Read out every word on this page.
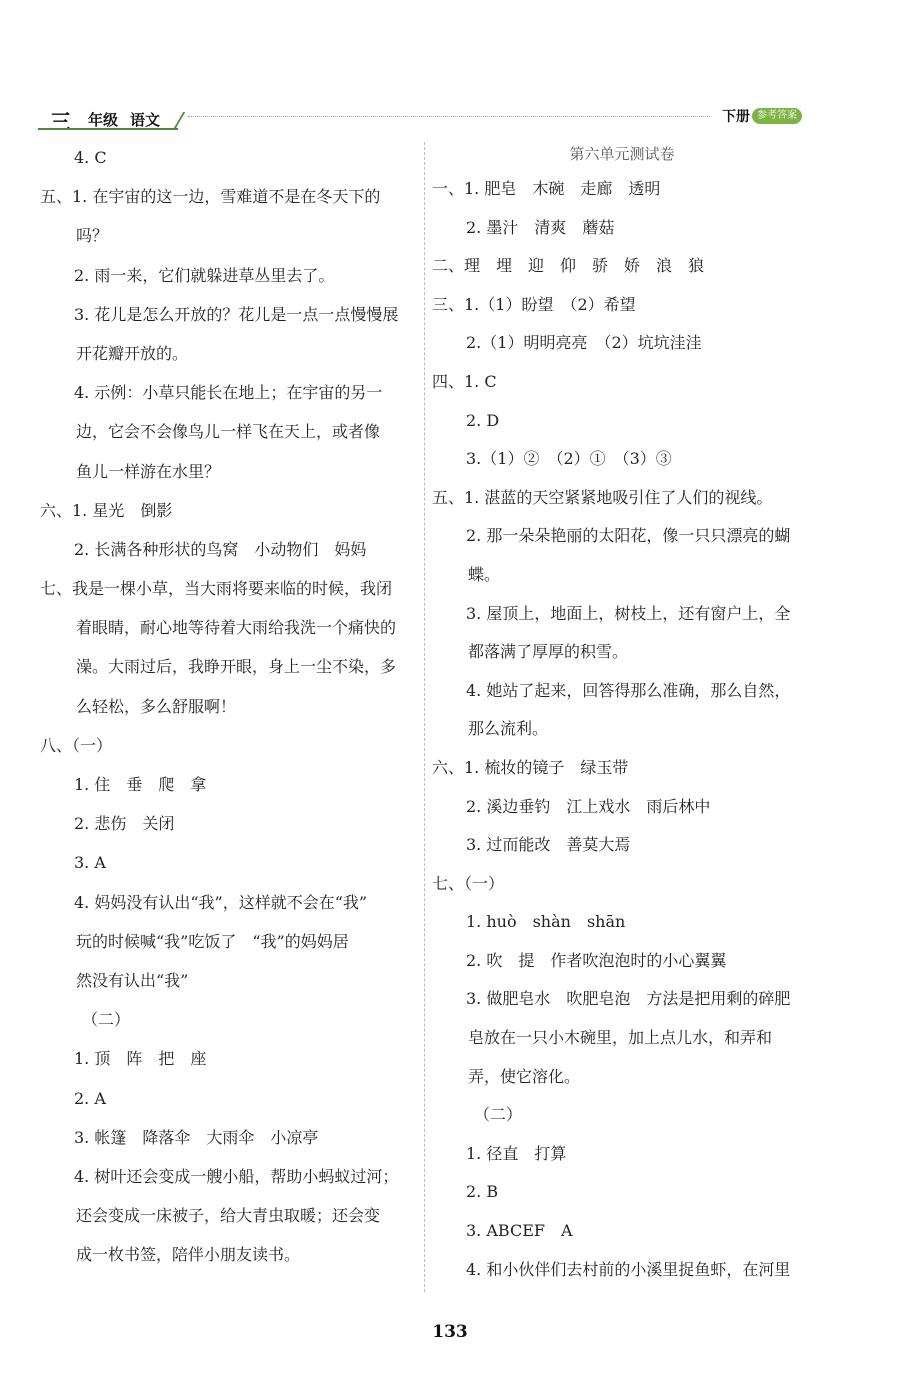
三 年级 语文	下册 参考答案
4. C
五、1. 在宇宙的这一边，雪难道不是在冬天下的
吗？
2. 雨一来，它们就躲进草丛里去了。
3. 花儿是怎么开放的？花儿是一点一点慢慢展
开花瓣开放的。
4. 示例：小草只能长在地上；在宇宙的另一
边，它会不会像鸟儿一样飞在天上，或者像
鱼儿一样游在水里？
六、1. 星光　倒影
2. 长满各种形状的鸟窝　小动物们　妈妈
七、我是一棵小草，当大雨将要来临的时候，我闭
着眼睛，耐心地等待着大雨给我洗一个痛快的
澡。大雨过后，我睁开眼，身上一尘不染，多
么轻松，多么舒服啊！
八、（一）
1. 住　垂　爬　拿
2. 悲伤　关闭
3. A
4. 妈妈没有认出“我”，这样就不会在“我”
玩的时候喊“我”吃饭了　“我”的妈妈居
然没有认出“我”
（二）
1. 顶　阵　把　座
2. A
3. 帐篷　降落伞　大雨伞　小凉亭
4. 树叶还会变成一艘小船，帮助小蚂蚁过河；
还会变成一床被子，给大青虫取暖；还会变
成一枚书签，陪伴小朋友读书。
第六单元测试卷
一、1. 肥皂　木碗　走廊　透明
2. 墨汁　清爽　蘑菇
二、理　埋　迎　仰　骄　娇　浪　狼
三、1.（1）盼望　（2）希望
2.（1）明明亮亮　（2）坑坑洼洼
四、1. C
2. D
3.（1）②　（2）①　（3）③
五、1. 湛蓝的天空紧紧地吸引住了人们的视线。
2. 那一朵朵艳丽的太阳花，像一只只漂亮的蝴
蝶。
3. 屋顶上，地面上，树枝上，还有窗户上，全
都落满了厚厚的积雪。
4. 她站了起来，回答得那么准确，那么自然，
那么流利。
六、1. 梳妆的镜子　绿玉带
2. 溪边垂钓　江上戏水　雨后林中
3. 过而能改　善莫大焉
七、（一）
1. huò　shàn　shān
2. 吹　提　作者吹泡泡时的小心翼翼
3. 做肥皂水　吹肥皂泡　方法是把用剩的碎肥
皂放在一只小木碗里，加上点儿水，和弄和
弄，使它溶化。
（二）
1. 径直　打算
2. B
3. ABCEF　A
4. 和小伙伴们去村前的小溪里捉鱼虾，在河里
133
